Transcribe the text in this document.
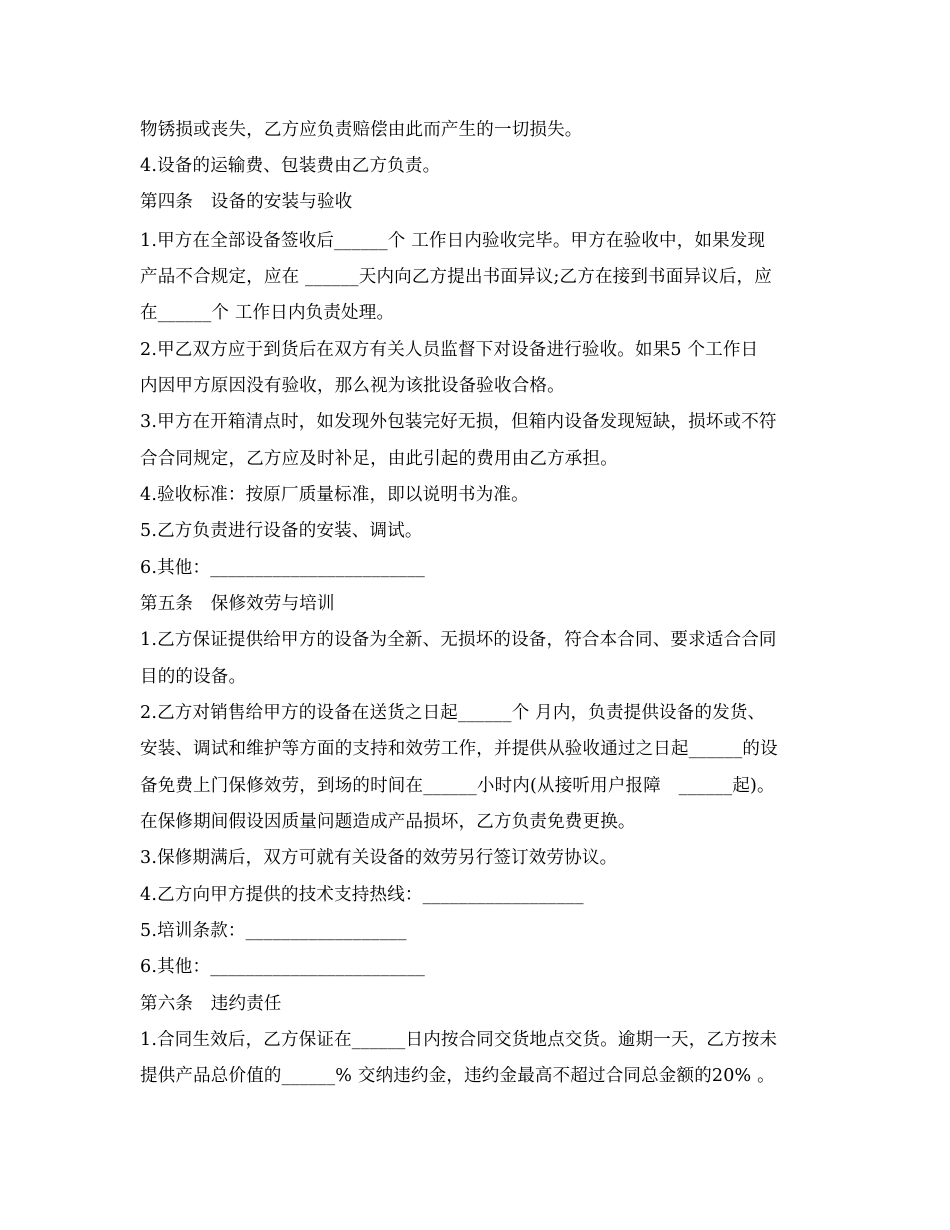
物锈损或丧失，乙方应负责赔偿由此而产生的一切损失。
4.设备的运输费、包装费由乙方负责。
第四条　设备的安装与验收
1.甲方在全部设备签收后______个 工作日内验收完毕。甲方在验收中，如果发现
产品不合规定，应在 ______天内向乙方提出书面异议;乙方在接到书面异议后，应
在______个 工作日内负责处理。
2.甲乙双方应于到货后在双方有关人员监督下对设备进行验收。如果5 个工作日
内因甲方原因没有验收，那么视为该批设备验收合格。
3.甲方在开箱清点时，如发现外包装完好无损，但箱内设备发现短缺，损坏或不符
合合同规定，乙方应及时补足，由此引起的费用由乙方承担。
4.验收标准：按原厂质量标准，即以说明书为准。
5.乙方负责进行设备的安装、调试。
6.其他：________________________
第五条　保修效劳与培训
1.乙方保证提供给甲方的设备为全新、无损坏的设备，符合本合同、要求适合合同
目的的设备。
2.乙方对销售给甲方的设备在送货之日起______个 月内，负责提供设备的发货、
安装、调试和维护等方面的支持和效劳工作，并提供从验收通过之日起______的设
备免费上门保修效劳，到场的时间在______小时内(从接听用户报障　______起)。
在保修期间假设因质量问题造成产品损坏，乙方负责免费更换。
3.保修期满后，双方可就有关设备的效劳另行签订效劳协议。
4.乙方向甲方提供的技术支持热线：__________________
5.培训条款：__________________
6.其他：________________________
第六条　违约责任
1.合同生效后，乙方保证在______日内按合同交货地点交货。逾期一天，乙方按未
提供产品总价值的______% 交纳违约金，违约金最高不超过合同总金额的20% 。
